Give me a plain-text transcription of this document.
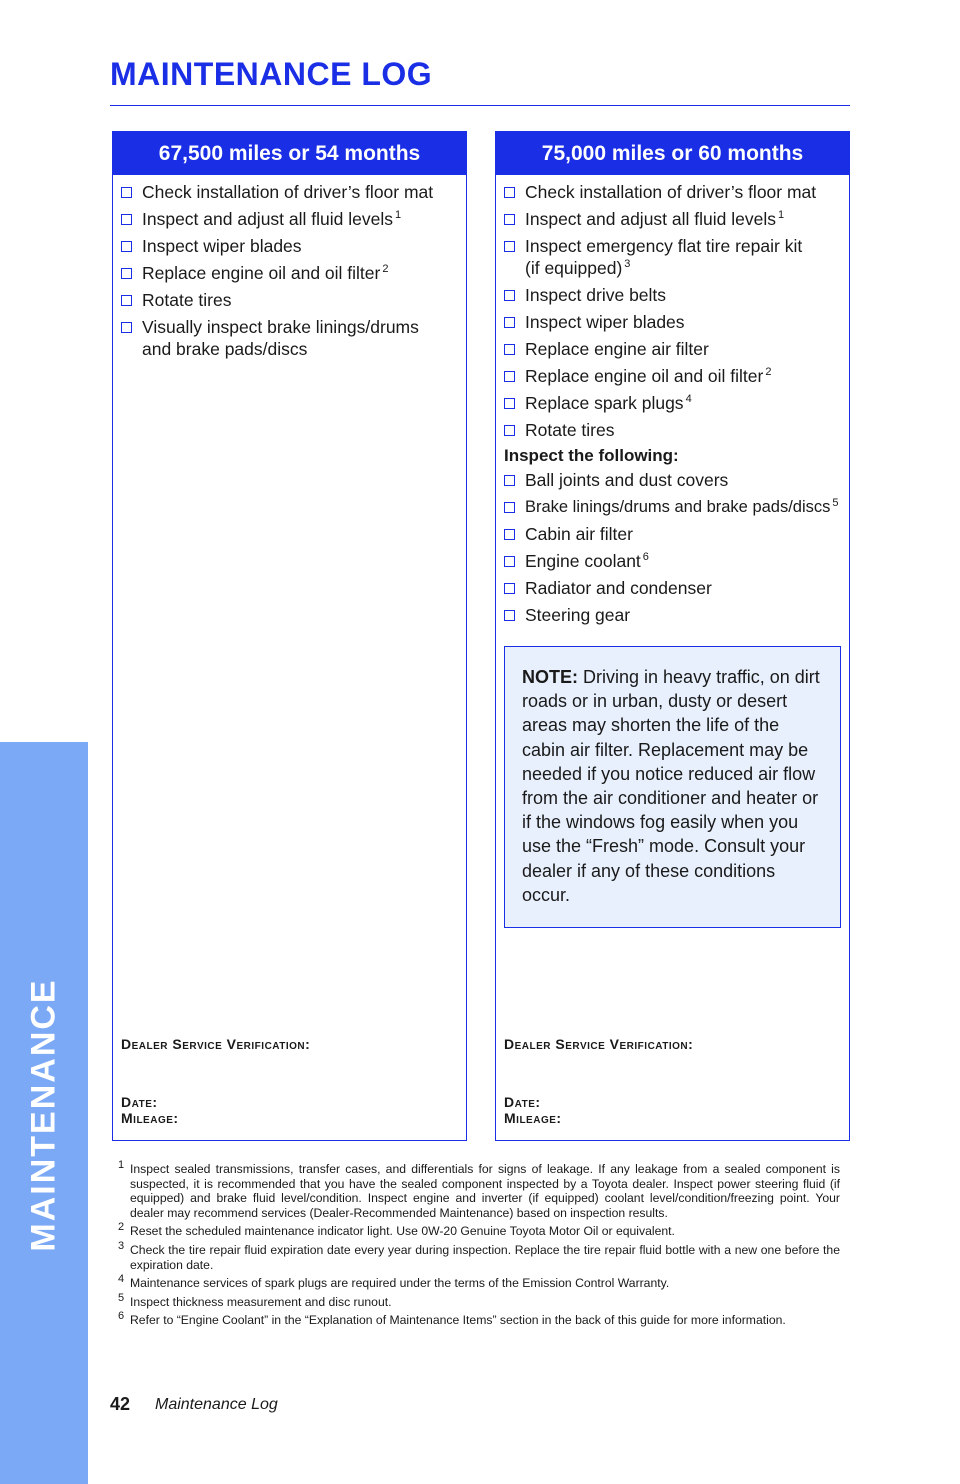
MAINTENANCE
MAINTENANCE LOG
67,500 miles or 54 months
Check installation of driver’s floor mat
Inspect and adjust all fluid levels $^1$
Inspect wiper blades
Replace engine oil and oil filter $^2$
Rotate tires
Visually inspect brake linings/drums and brake pads/discs
Dealer Service Verification:
Date:
Mileage:
75,000 miles or 60 months
Check installation of driver’s floor mat
Inspect and adjust all fluid levels $^1$
Inspect emergency flat tire repair kit (if equipped) $^3$
Inspect drive belts
Inspect wiper blades
Replace engine air filter
Replace engine oil and oil filter $^2$
Replace spark plugs $^4$
Rotate tires
Inspect the following:
Ball joints and dust covers
Brake linings/drums and brake pads/discs $^5$
Cabin air filter
Engine coolant $^6$
Radiator and condenser
Steering gear
NOTE: Driving in heavy traffic, on dirt roads or in urban, dusty or desert areas may shorten the life of the cabin air filter. Replacement may be needed if you notice reduced air flow from the air conditioner and heater or if the windows fog easily when you use the “Fresh” mode. Consult your dealer if any of these conditions occur.
Dealer Service Verification:
Date:
Mileage:
1 Inspect sealed transmissions, transfer cases, and differentials for signs of leakage. If any leakage from a sealed component is suspected, it is recommended that you have the sealed component inspected by a Toyota dealer. Inspect power steering fluid (if equipped) and brake fluid level/condition. Inspect engine and inverter (if equipped) coolant level/condition/freezing point. Your dealer may recommend services (Dealer-Recommended Maintenance) based on inspection results.
2 Reset the scheduled maintenance indicator light. Use 0W-20 Genuine Toyota Motor Oil or equivalent.
3 Check the tire repair fluid expiration date every year during inspection. Replace the tire repair fluid bottle with a new one before the expiration date.
4 Maintenance services of spark plugs are required under the terms of the Emission Control Warranty.
5 Inspect thickness measurement and disc runout.
6 Refer to “Engine Coolant” in the “Explanation of Maintenance Items” section in the back of this guide for more information.
42 Maintenance Log
